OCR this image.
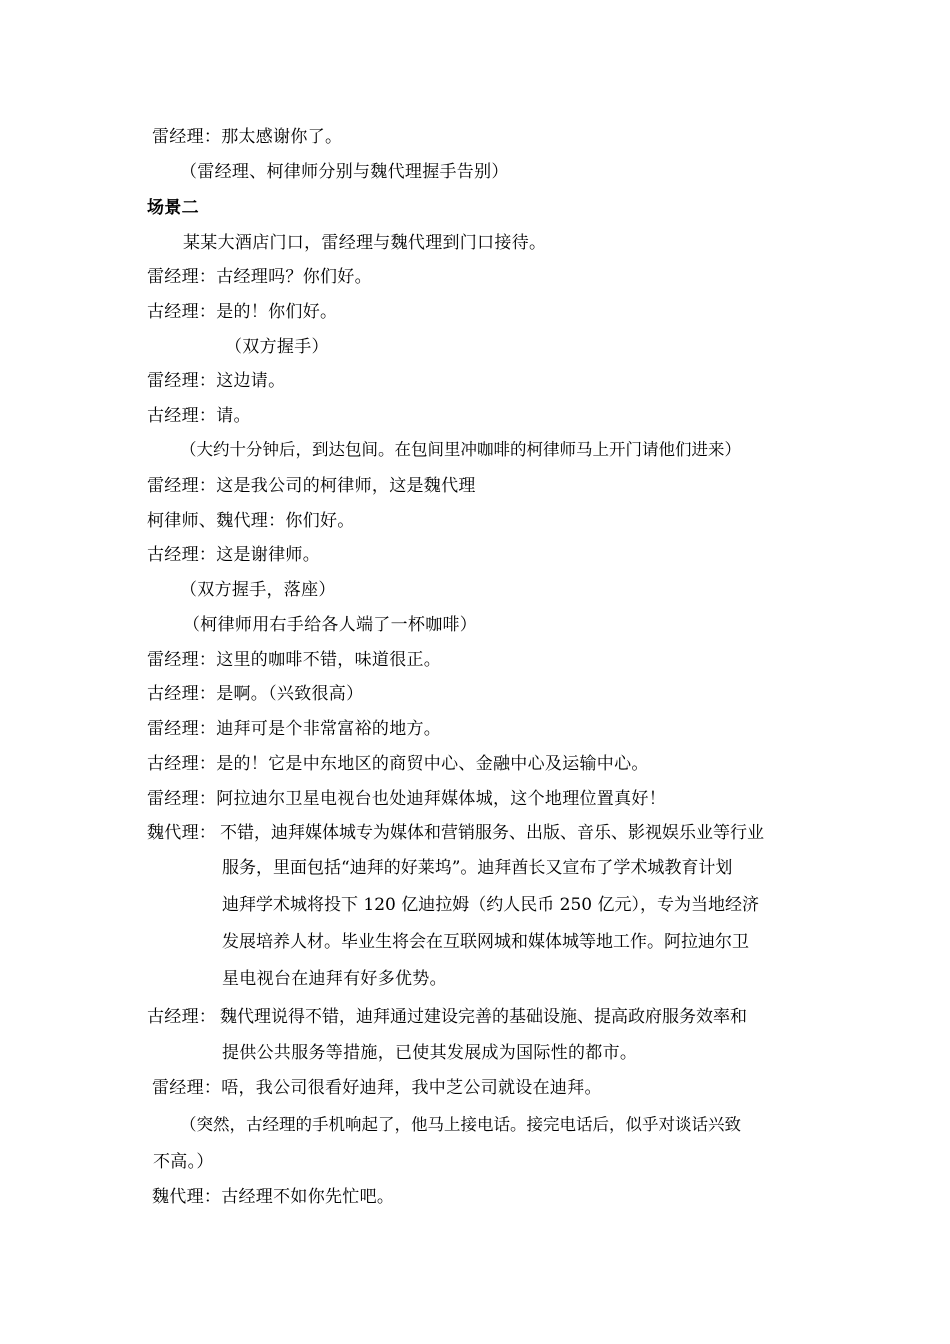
雷经理：那太感谢你了。
（雷经理、柯律师分别与魏代理握手告别）
场景二
某某大酒店门口，雷经理与魏代理到门口接待。
雷经理：古经理吗？你们好。
古经理：是的！你们好。
（双方握手）
雷经理：这边请。
古经理：请。
（大约十分钟后，到达包间。在包间里冲咖啡的柯律师马上开门请他们进来）
雷经理：这是我公司的柯律师，这是魏代理
柯律师、魏代理：你们好。
古经理：这是谢律师。
（双方握手，落座）
（柯律师用右手给各人端了一杯咖啡）
雷经理：这里的咖啡不错，味道很正。
古经理：是啊。（兴致很高）
雷经理：迪拜可是个非常富裕的地方。
古经理：是的！它是中东地区的商贸中心、金融中心及运输中心。
雷经理：阿拉迪尔卫星电视台也处迪拜媒体城，这个地理位置真好！
魏代理： 不错，迪拜媒体城专为媒体和营销服务、出版、音乐、影视娱乐业等行业
服务，里面包括“迪拜的好莱坞”。迪拜酋长又宣布了学术城教育计划
迪拜学术城将投下 120 亿迪拉姆（约人民币 250 亿元），专为当地经济
发展培养人材。毕业生将会在互联网城和媒体城等地工作。阿拉迪尔卫
星电视台在迪拜有好多优势。
古经理： 魏代理说得不错，迪拜通过建设完善的基础设施、提高政府服务效率和
提供公共服务等措施，已使其发展成为国际性的都市。
雷经理：唔，我公司很看好迪拜，我中芝公司就设在迪拜。
（突然，古经理的手机响起了，他马上接电话。接完电话后，似乎对谈话兴致
不高。）
魏代理：古经理不如你先忙吧。
